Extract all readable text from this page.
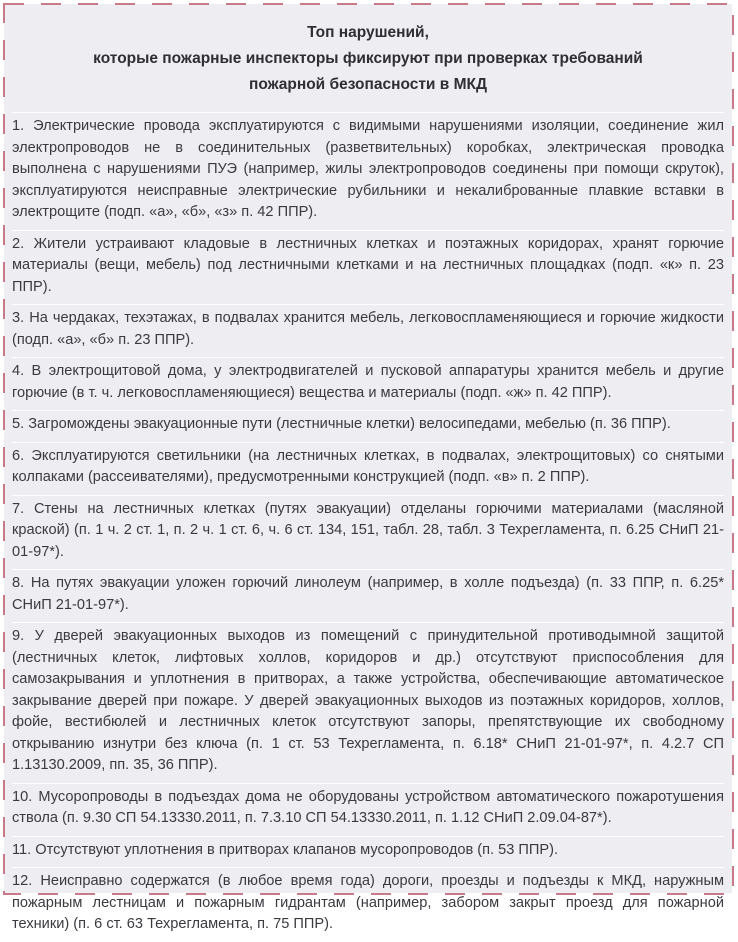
Топ нарушений,
которые пожарные инспекторы фиксируют при проверках требований
пожарной безопасности в МКД
1. Электрические провода эксплуатируются с видимыми нарушениями изоляции, соединение жил электропроводов не в соединительных (разветвительных) коробках, электрическая проводка выполнена с нарушениями ПУЭ (например, жилы электропроводов соединены при помощи скруток), эксплуатируются неисправные электрические рубильники и некалиброванные плавкие вставки в электрощите (подп. «а», «б», «з» п. 42 ППР).
2. Жители устраивают кладовые в лестничных клетках и поэтажных коридорах, хранят горючие материалы (вещи, мебель) под лестничными клетками и на лестничных площадках (подп. «к» п. 23 ППР).
3. На чердаках, техэтажах, в подвалах хранится мебель, легковоспламеняющиеся и горючие жидкости (подп. «а», «б» п. 23 ППР).
4. В электрощитовой дома, у электродвигателей и пусковой аппаратуры хранится мебель и другие горючие (в т. ч. легковоспламеняющиеся) вещества и материалы (подп. «ж» п. 42 ППР).
5. Загромождены эвакуационные пути (лестничные клетки) велосипедами, мебелью (п. 36 ППР).
6. Эксплуатируются светильники (на лестничных клетках, в подвалах, электрощитовых) со снятыми колпаками (рассеивателями), предусмотренными конструкцией (подп. «в» п. 2 ППР).
7. Стены на лестничных клетках (путях эвакуации) отделаны горючими материалами (масляной краской) (п. 1 ч. 2 ст. 1, п. 2 ч. 1 ст. 6, ч. 6 ст. 134, 151, табл. 28, табл. 3 Техрегламента, п. 6.25 СНиП 21-01-97*).
8. На путях эвакуации уложен горючий линолеум (например, в холле подъезда) (п. 33 ППР, п. 6.25* СНиП 21-01-97*).
9. У дверей эвакуационных выходов из помещений с принудительной противодымной защитой (лестничных клеток, лифтовых холлов, коридоров и др.) отсутствуют приспособления для самозакрывания и уплотнения в притворах, а также устройства, обеспечивающие автоматическое закрывание дверей при пожаре. У дверей эвакуационных выходов из поэтажных коридоров, холлов, фойе, вестибюлей и лестничных клеток отсутствуют запоры, препятствующие их свободному открыванию изнутри без ключа (п. 1 ст. 53 Техрегламента, п. 6.18* СНиП 21-01-97*, п. 4.2.7 СП 1.13130.2009, пп. 35, 36 ППР).
10. Мусоропроводы в подъездах дома не оборудованы устройством автоматического пожаротушения ствола (п. 9.30 СП 54.13330.2011, п. 7.3.10 СП 54.13330.2011, п. 1.12 СНиП 2.09.04-87*).
11. Отсутствуют уплотнения в притворах клапанов мусоропроводов (п. 53 ППР).
12. Неисправно содержатся (в любое время года) дороги, проезды и подъезды к МКД, наружным пожарным лестницам и пожарным гидрантам (например, забором закрыт проезд для пожарной техники) (п. 6 ст. 63 Техрегламента, п. 75 ППР).
